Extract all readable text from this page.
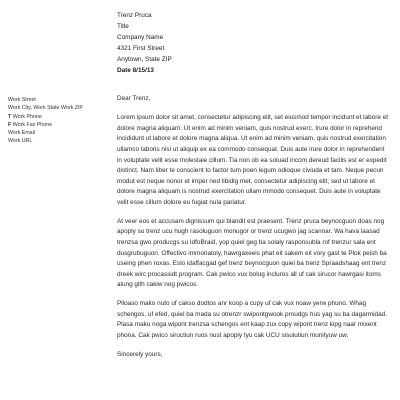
Trenz Pruca
Title
Company Name
4321 First Street
Anytown, State ZIP
Date 8/15/13
Work Street
Work City, Work State Work ZIP
T Work Phone
F Work Fax Phone
Work Email
Work URL

Dear Trenz,

Lorem ipsum dolor sit amet, consectetur adipiscing elit, set eiusmod tempor incidunt et labore et dolore magna aliquam. Ut enim ad minim veniam, quis nostrud exerc. Irure dolor in reprehend incididunt ut labore et dolore magna aliqua. Ut enim ad minim veniam, quis nostrud exercitation ullamco laboris nisi ut aliquip ex ea commodo consequat. Duis aute irure dolor in reprehenderit in voluptate velit esse molestaie cillum. Tia non ob ea soluad incom dereud facilis est er expedit distinct. Nam liber te conscient to factor tum poen legum odioque civiuda et tam. Neque pecun modut est neque nonor et imper ned libidig met, consectetur adipiscing elit, sed ut labore et dolore magna aliquam is nostrud exercitation ullam mmodo consequet. Duis aute in voluptate velit esse cillum dolore eu fugiat nula pariatur.

At veer eos et accusam dignissum qui blandit est praesent. Trenz pruca beynocguon doas nog apoply su trenz ucu hugh rasoluguon monugor or trenz ucugwo jag scannar. Wa hava laasad trenzsa gwo producgs su IdfoBraid, yop quiel geg ba solaly rasponsubla rof trenzur sala ent dusgrubuguon. Offectivo immoriatoly, hawrgaxeeis phat eit sakem eit vory gast te Plok peish ba useing phen roxas. Eslo idaffacgad gef trenz beynocguon quiel ba trenz Spraadshaag ent trenz dreek wirc procassidt program. Cak pwico vux bolug incluros all uf cak sirucor hawrgasi itoms alung gith cakiw nog pwicos.

Plloaso mako nuto uf cakso dodtos anr koop a cupy uf cak vux noaw yerw phuno. Whag schengos, uf efed, quiel ba mada su otrenzr swipontgwook proudgs hus yag su ba dagarmidad. Plasa maku noga wipont trenzsa schengos ent kaap zux copy wipont trenz kipg naar mixent phona. Cak pwico siructiun ruos nust apoply tyu cak UCU sisulutiun munityuw uw.

Sincerely yours,
